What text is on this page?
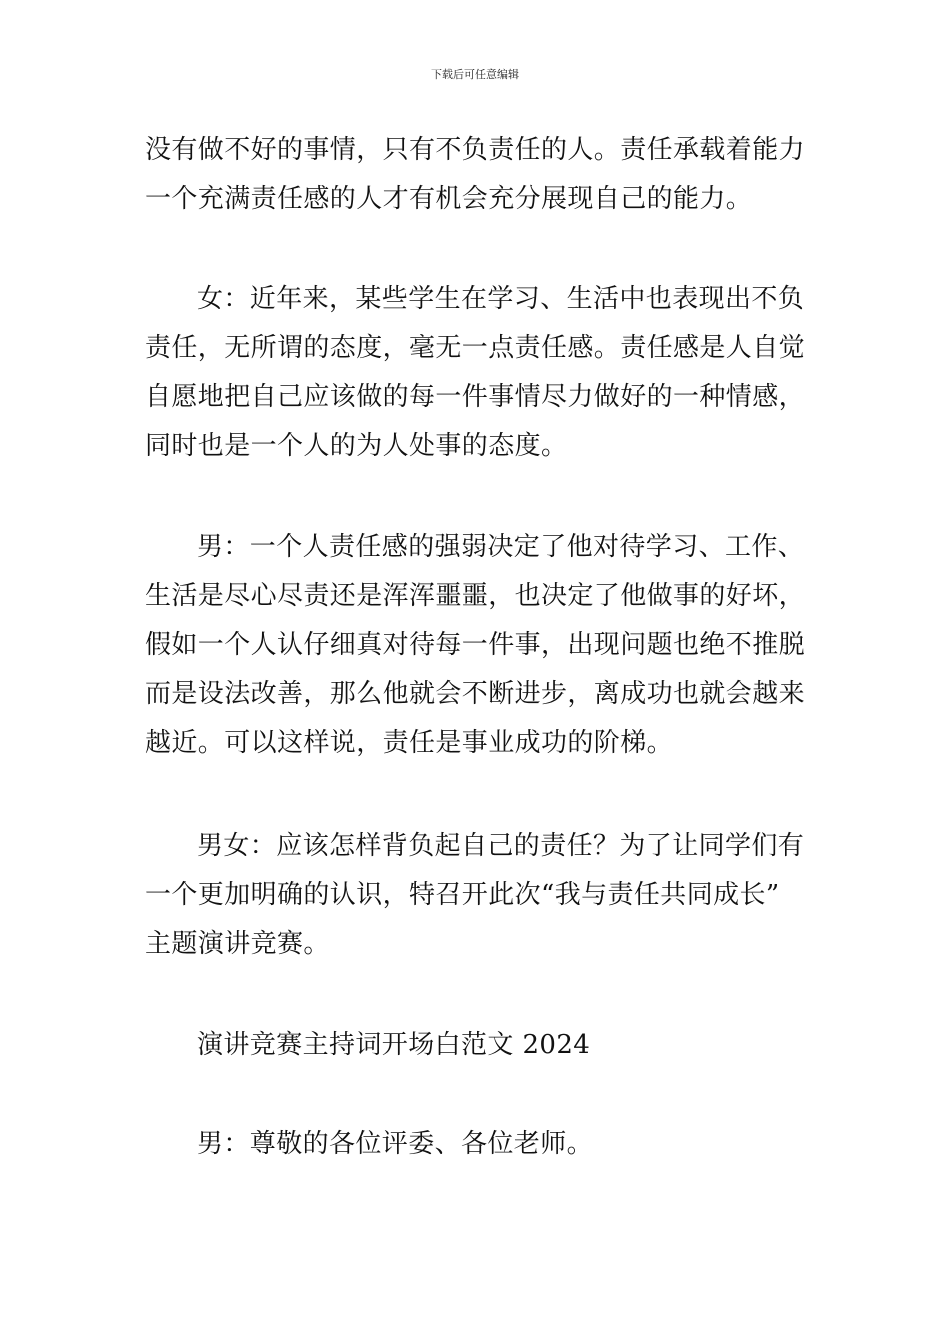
下载后可任意编辑
没有做不好的事情，只有不负责任的人。责任承载着能力
一个充满责任感的人才有机会充分展现自己的能力。
女：近年来，某些学生在学习、生活中也表现出不负
责任，无所谓的态度，毫无一点责任感。责任感是人自觉
自愿地把自己应该做的每一件事情尽力做好的一种情感，
同时也是一个人的为人处事的态度。
男：一个人责任感的强弱决定了他对待学习、工作、
生活是尽心尽责还是浑浑噩噩，也决定了他做事的好坏，
假如一个人认仔细真对待每一件事，出现问题也绝不推脱
而是设法改善，那么他就会不断进步，离成功也就会越来
越近。可以这样说，责任是事业成功的阶梯。
男女：应该怎样背负起自己的责任？为了让同学们有
一个更加明确的认识，特召开此次“我与责任共同成长”
主题演讲竞赛。
演讲竞赛主持词开场白范文 2024
男：尊敬的各位评委、各位老师。
